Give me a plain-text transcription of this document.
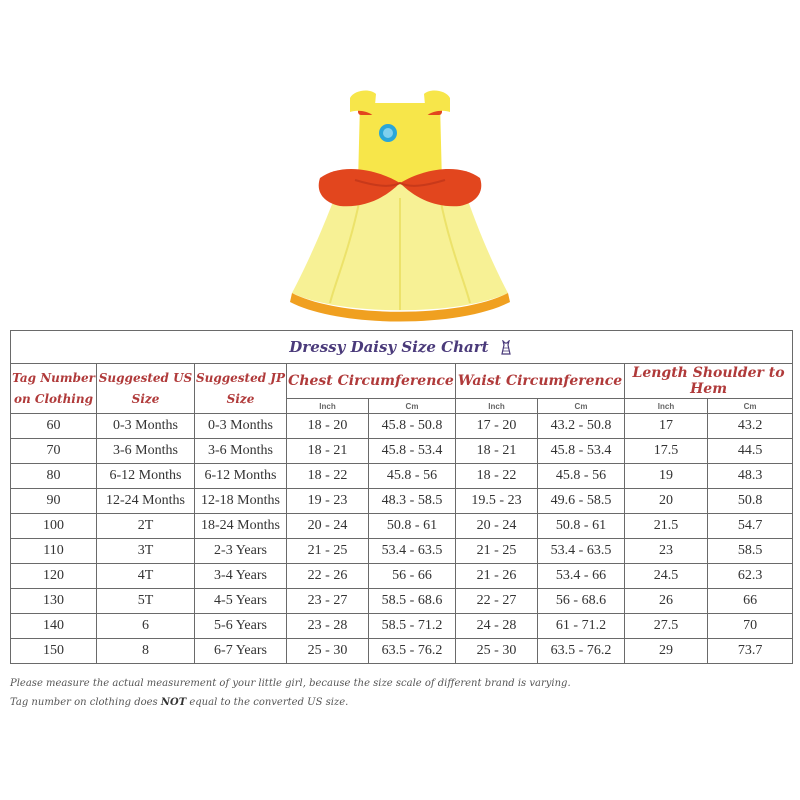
Dressy Daisy Size Chart								
Tag Number on Clothing	Suggested US Size	Suggested JP Size	Chest Circumference		Waist Circumference		Length Shoulder to Hem	
			Inch	Cm	Inch	Cm	Inch	Cm
60	0-3 Months	0-3 Months	18 - 20	45.8 - 50.8	17 - 20	43.2 - 50.8	17	43.2
70	3-6 Months	3-6 Months	18 - 21	45.8 - 53.4	18 - 21	45.8 - 53.4	17.5	44.5
80	6-12 Months	6-12 Months	18 - 22	45.8 - 56	18 - 22	45.8 - 56	19	48.3
90	12-24 Months	12-18 Months	19 - 23	48.3 - 58.5	19.5 - 23	49.6 - 58.5	20	50.8
100	2T	18-24 Months	20 - 24	50.8 - 61	20 - 24	50.8 - 61	21.5	54.7
110	3T	2-3 Years	21 - 25	53.4 - 63.5	21 - 25	53.4 - 63.5	23	58.5
120	4T	3-4 Years	22 - 26	56 - 66	21 - 26	53.4 - 66	24.5	62.3
130	5T	4-5 Years	23 - 27	58.5 - 68.6	22 - 27	56 - 68.6	26	66
140	6	5-6 Years	23 - 28	58.5 - 71.2	24 - 28	61 - 71.2	27.5	70
150	8	6-7 Years	25 - 30	63.5 - 76.2	25 - 30	63.5 - 76.2	29	73.7
Please measure the actual measurement of your little girl, because the size scale of different brand is varying.
Tag number on clothing does NOT equal to the converted US size.
